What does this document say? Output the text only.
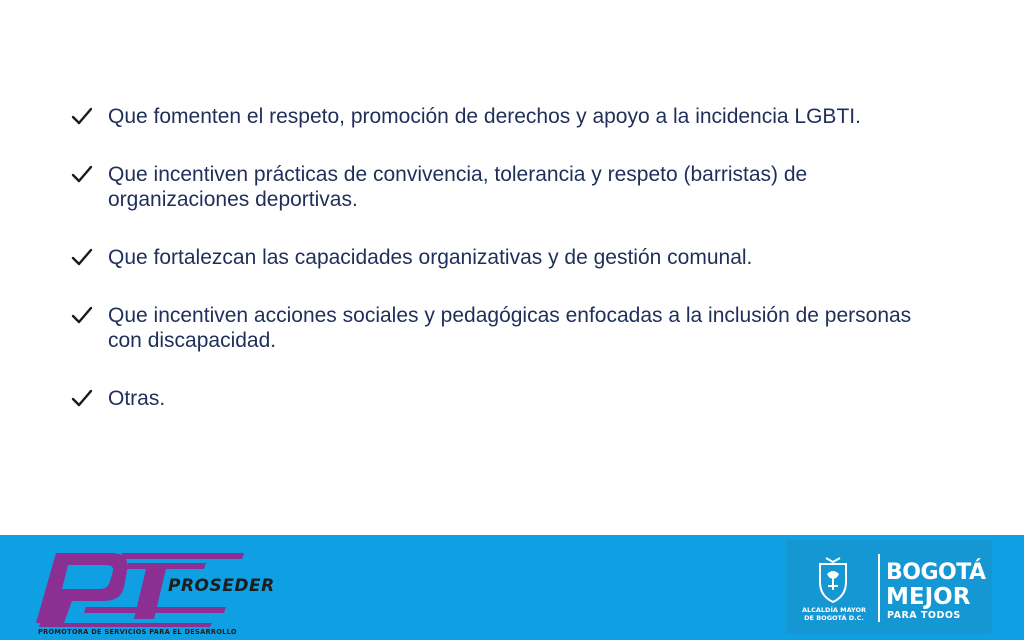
Que fomenten el respeto, promoción de derechos y apoyo a la incidencia LGBTI.
Que incentiven prácticas de convivencia, tolerancia y respeto (barristas) de organizaciones deportivas.
Que fortalezcan las capacidades organizativas y de gestión comunal.
Que incentiven acciones sociales y pedagógicas enfocadas a la inclusión de personas con discapacidad.
Otras.
PROSEDER
PROMOTORA DE SERVICIOS PARA EL DESARROLLO
ALCALDÍA MAYOR
DE BOGOTÁ D.C.
BOGOTÁ
MEJOR
PARA TODOS
